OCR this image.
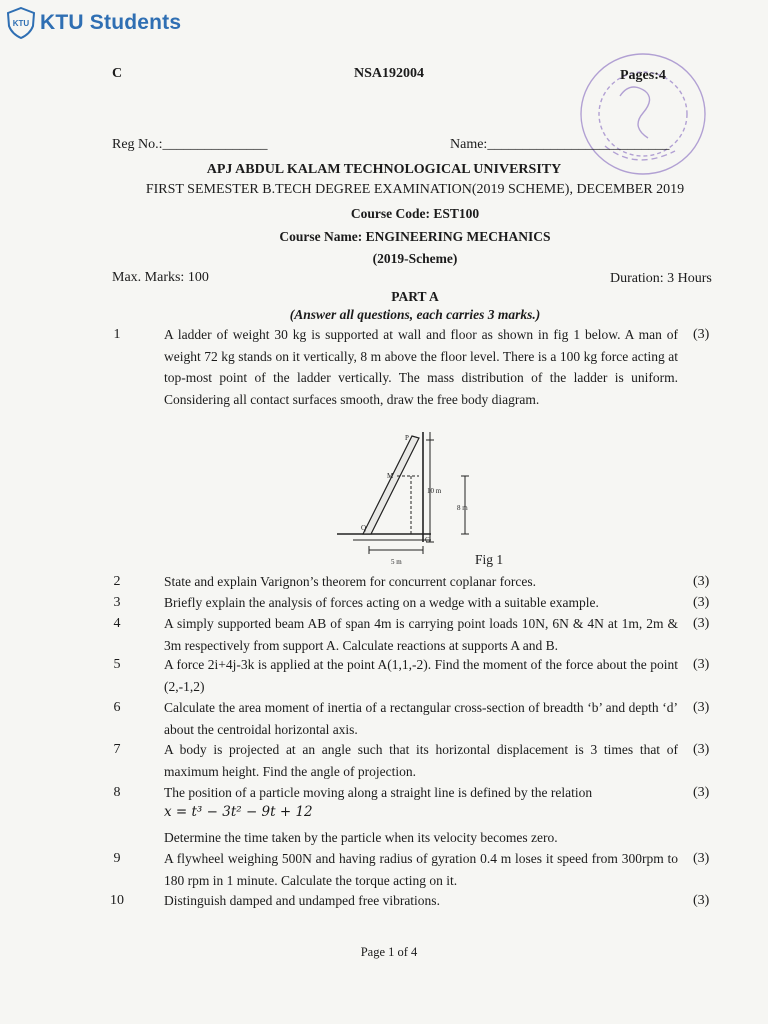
KTU KTU Students
C	NSA192004	Pages:4
Reg No.:_______________	Name:__________________________
APJ ABDUL KALAM TECHNOLOGICAL UNIVERSITY
FIRST SEMESTER B.TECH DEGREE EXAMINATION(2019 SCHEME), DECEMBER 2019
Course Code: EST100
Course Name: ENGINEERING MECHANICS
(2019-Scheme)
Max. Marks: 100	Duration: 3 Hours
PART A
(Answer all questions, each carries 3 marks.)
1	A ladder of weight 30 kg is supported at wall and floor as shown in fig 1 below. A man of weight 72 kg stands on it vertically, 8 m above the floor level. There is a 100 kg force acting at top-most point of the ladder vertically. The mass distribution of the ladder is uniform. Considering all contact surfaces smooth, draw the free body diagram.
(3)
P
M
Q
C
10 m
8 m
5 m	Fig 1
2	State and explain Varignon’s theorem for concurrent coplanar forces.	(3)
3	Briefly explain the analysis of forces acting on a wedge with a suitable example.	(3)
4	A simply supported beam AB of span 4m is carrying point loads 10N, 6N & 4N at 1m, 2m & 3m respectively from support A. Calculate reactions at supports A and B.
(3)
5	A force 2i+4j-3k is applied at the point A(1,1,-2). Find the moment of the force about the point (2,-1,2)
(3)
6	Calculate the area moment of inertia of a rectangular cross-section of breadth ‘b’ and depth ‘d’ about the centroidal horizontal axis.
(3)
7	A body is projected at an angle such that its horizontal displacement is 3 times that of maximum height. Find the angle of projection.
(3)
8	The position of a particle moving along a straight line is defined by the relation	(3)
x = t³ − 3t² − 9t + 12
Determine the time taken by the particle when its velocity becomes zero.
9	A flywheel weighing 500N and having radius of gyration 0.4 m loses it speed from 300rpm to 180 rpm in 1 minute. Calculate the torque acting on it.
(3)
10	Distinguish damped and undamped free vibrations.	(3)
Page 1 of 4
